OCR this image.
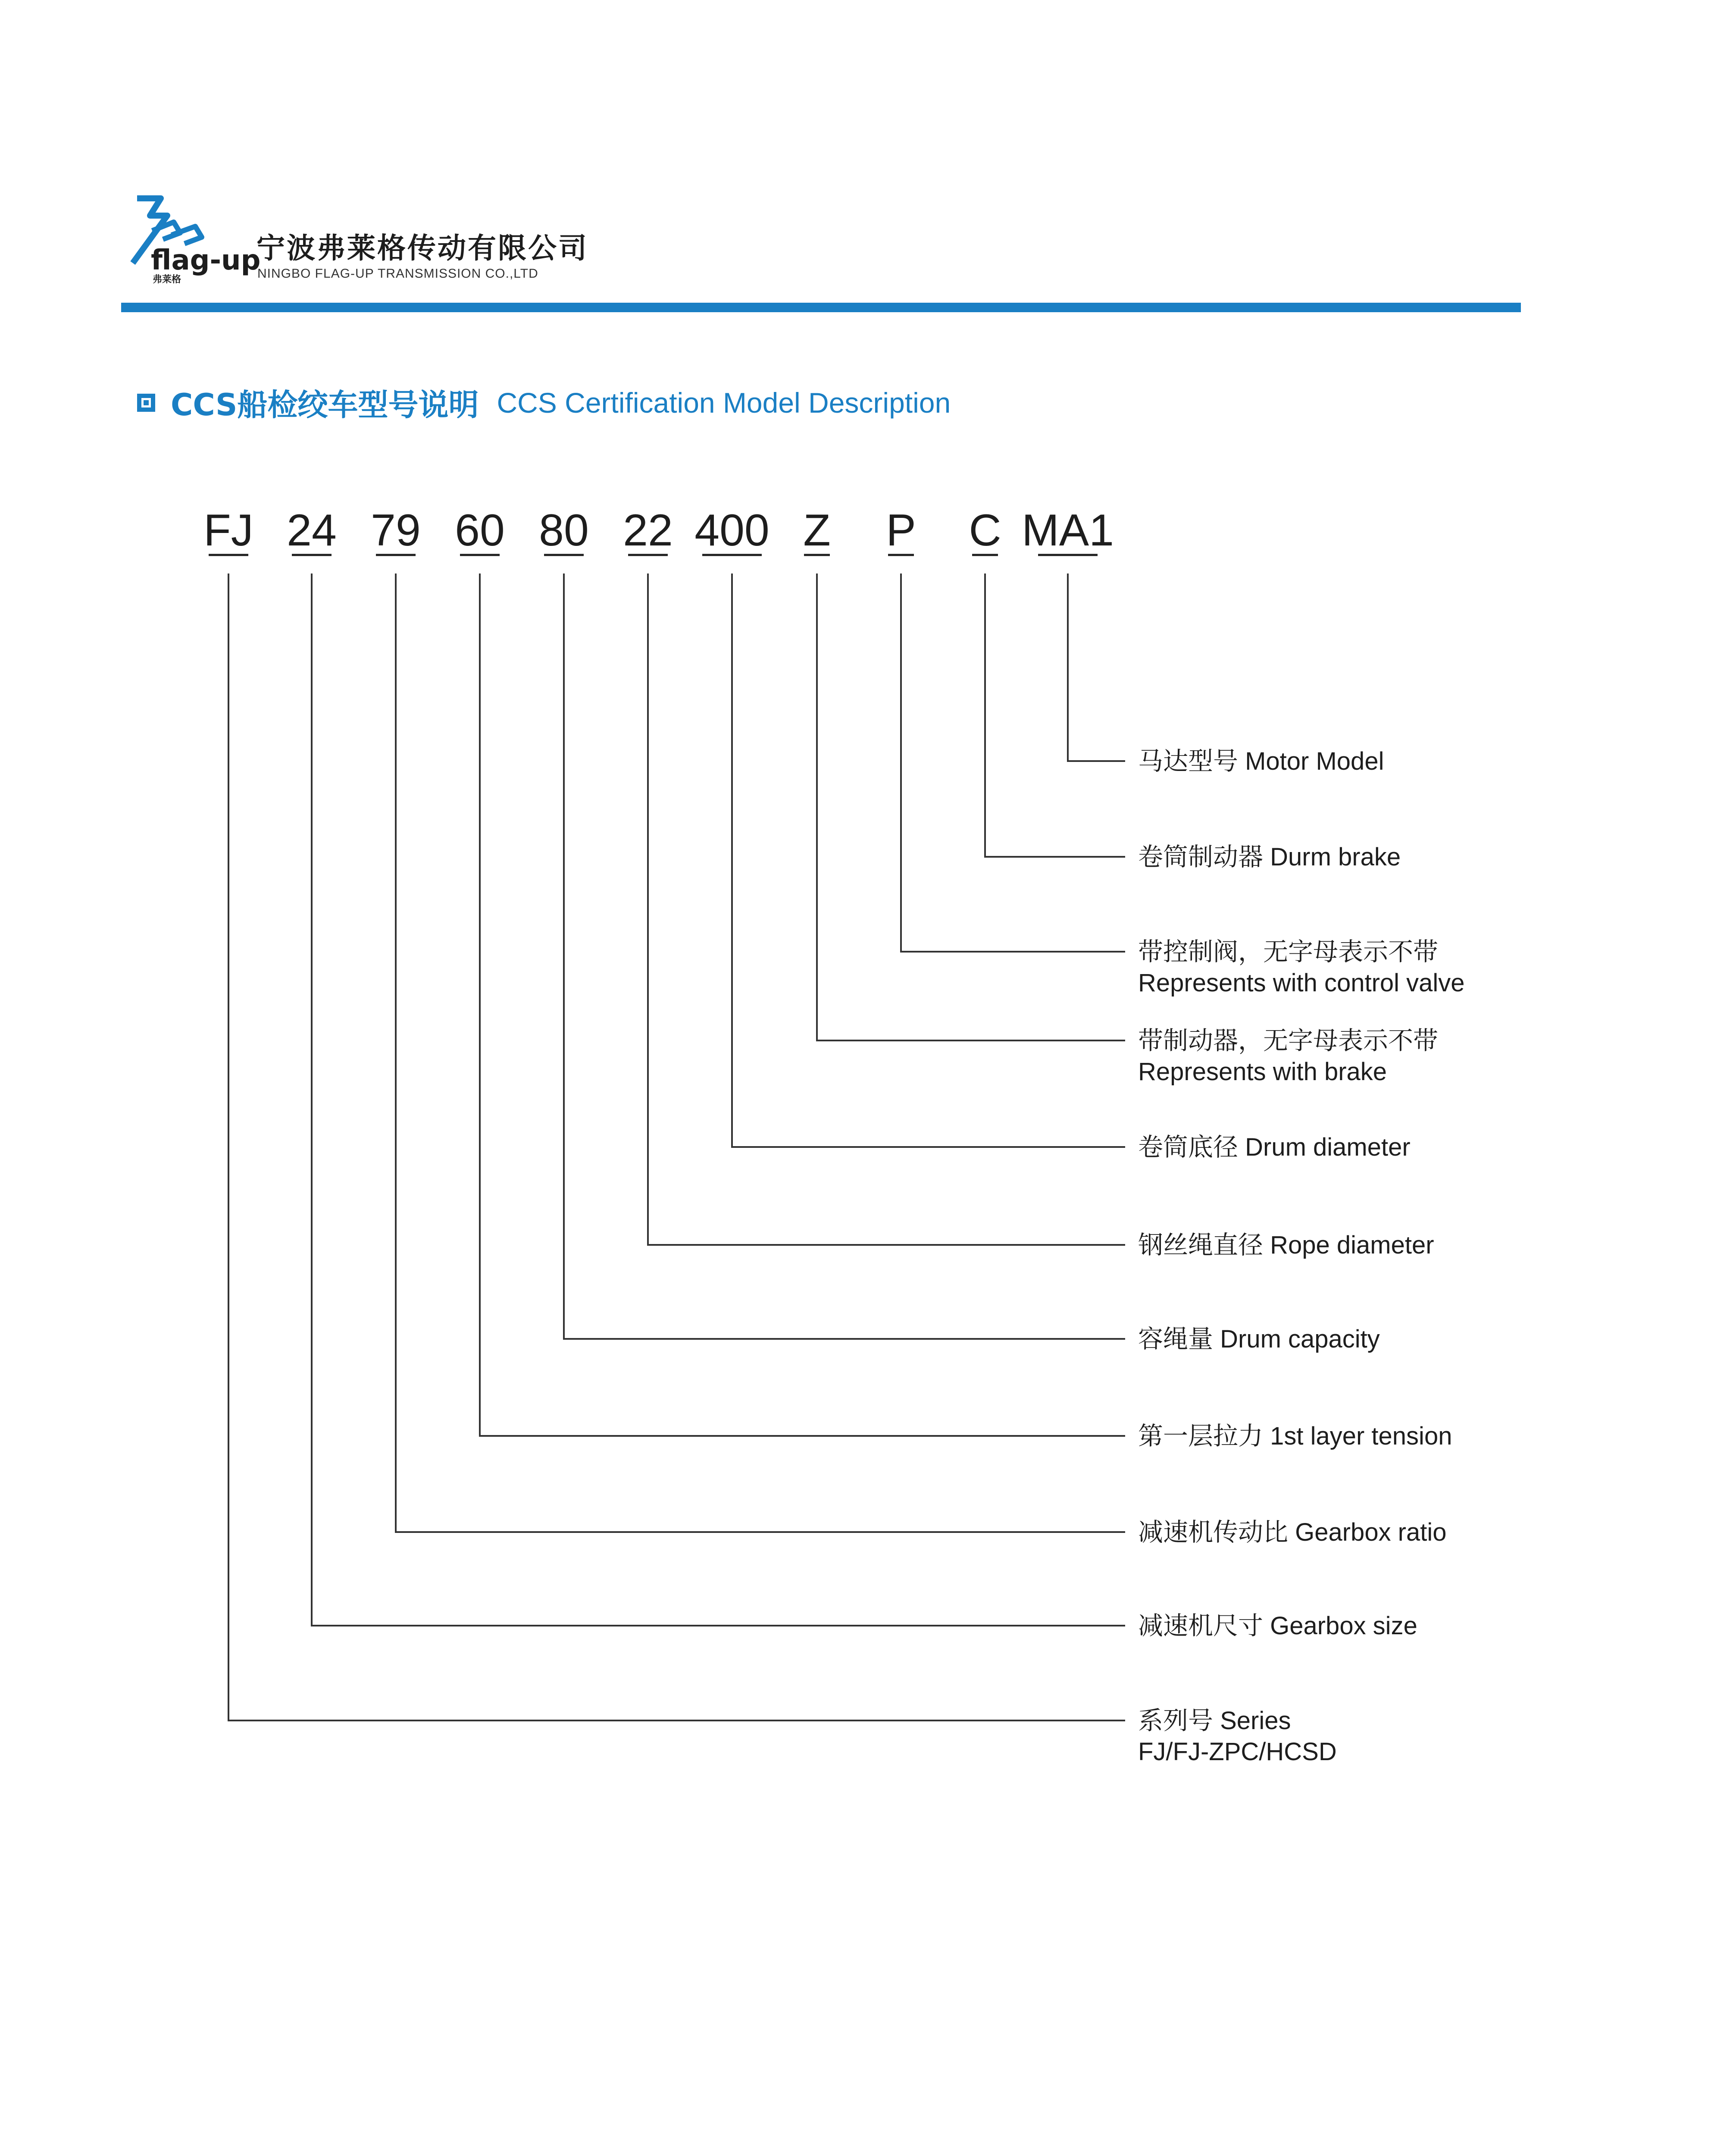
flag-up
弗莱格
宁波弗莱格传动有限公司
NINGBO FLAG-UP TRANSMISSION CO.,LTD
CCS船检绞车型号说明 CCS Certification Model Description
FJ
系列号 Series
FJ/FJ-ZPC/HCSD
24
减速机尺寸 Gearbox size
79
减速机传动比 Gearbox ratio
60
第一层拉力 1st layer tension
80
容绳量 Drum capacity
22
钢丝绳直径 Rope diameter
400
卷筒底径 Drum diameter
Z
带制动器，无字母表示不带
Represents with brake
P
带控制阀，无字母表示不带
Represents with control valve
C
卷筒制动器 Durm brake
MA1
马达型号 Motor Model
